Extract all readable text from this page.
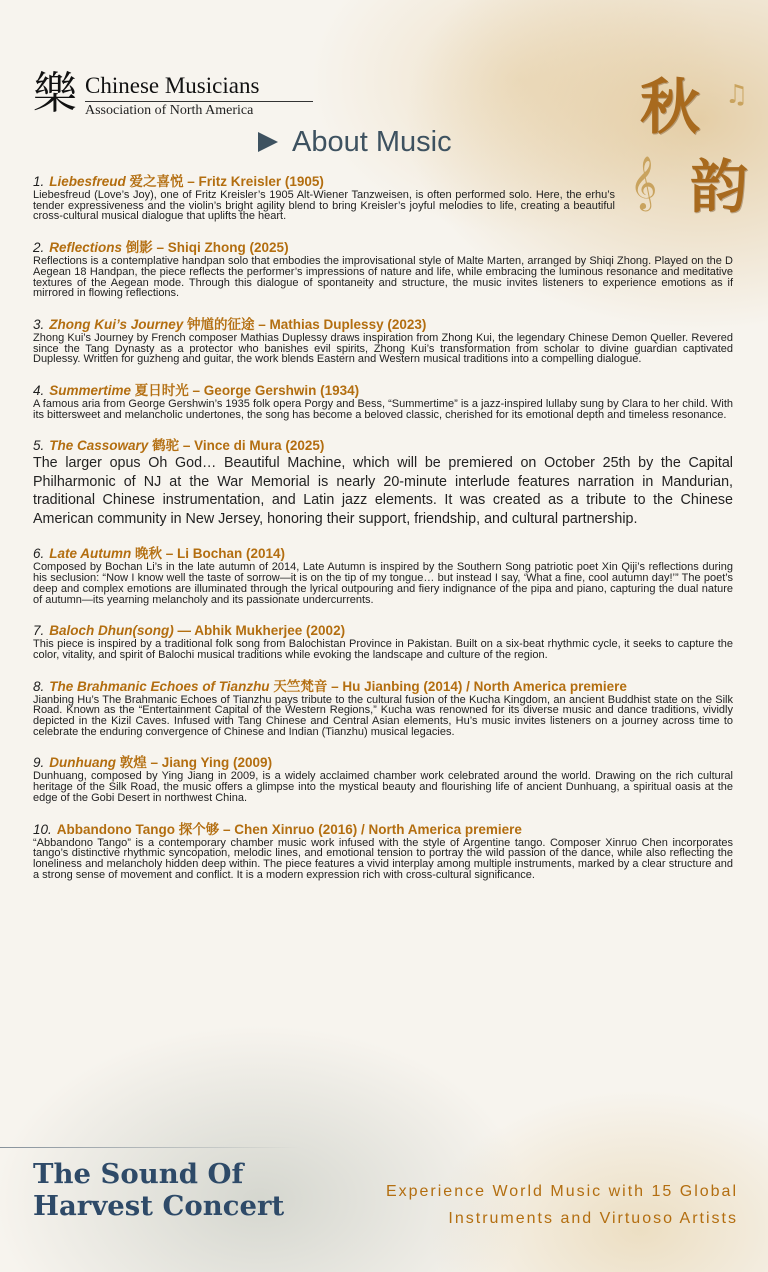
樂 Chinese Musicians
Association of North America
About Music
𝄞
♫
秋
韵
1. Liebesfreud 爱之喜悦 – Fritz Kreisler (1905)

Liebesfreud (Love’s Joy), one of Fritz Kreisler’s 1905 Alt-Wiener Tanzweisen, is often performed solo. Here, the erhu’s tender expressiveness and the violin’s bright agility blend to bring Kreisler’s joyful melodies to life, creating a beautiful cross-cultural musical dialogue that uplifts the heart.

2. Reflections 倒影 – Shiqi Zhong (2025)

Reflections is a contemplative handpan solo that embodies the improvisational style of Malte Marten, arranged by Shiqi Zhong. Played on the D Aegean 18 Handpan, the piece reflects the performer’s impressions of nature and life, while embracing the luminous resonance and meditative textures of the Aegean mode. Through this dialogue of spontaneity and structure, the music invites listeners to experience emotions as if mirrored in flowing reflections.

3. Zhong Kui’s Journey 钟馗的征途 – Mathias Duplessy (2023)

Zhong Kui’s Journey by French composer Mathias Duplessy draws inspiration from Zhong Kui, the legendary Chinese Demon Queller. Revered since the Tang Dynasty as a protector who banishes evil spirits, Zhong Kui’s transformation from scholar to divine guardian captivated Duplessy. Written for guzheng and guitar, the work blends Eastern and Western musical traditions into a compelling dialogue.

4. Summertime 夏日时光 – George Gershwin (1934)

A famous aria from George Gershwin’s 1935 folk opera Porgy and Bess, “Summertime” is a jazz-inspired lullaby sung by Clara to her child. With its bittersweet and melancholic undertones, the song has become a beloved classic, cherished for its emotional depth and timeless resonance.

5. The Cassowary 鹤驼 – Vince di Mura (2025)

The larger opus Oh God… Beautiful Machine, which will be premiered on October 25th by the Capital Philharmonic of NJ at the War Memorial is nearly 20-minute interlude features narration in Mandurian, traditional Chinese instrumentation, and Latin jazz elements. It was created as a tribute to the Chinese American community in New Jersey, honoring their support, friendship, and cultural partnership.

6. Late Autumn 晚秋 – Li Bochan (2014)

Composed by Bochan Li’s in the late autumn of 2014, Late Autumn is inspired by the Southern Song patriotic poet Xin Qiji’s reflections during his seclusion: “Now I know well the taste of sorrow—it is on the tip of my tongue… but instead I say, ‘What a fine, cool autumn day!’” The poet’s deep and complex emotions are illuminated through the lyrical outpouring and fiery indignance of the pipa and piano, capturing the dual nature of autumn—its yearning melancholy and its passionate undercurrents.

7. Baloch Dhun(song) — Abhik Mukherjee (2002)

This piece is inspired by a traditional folk song from Balochistan Province in Pakistan. Built on a six-beat rhythmic cycle, it seeks to capture the color, vitality, and spirit of Balochi musical traditions while evoking the landscape and culture of the region.

8. The Brahmanic Echoes of Tianzhu 天竺梵音 – Hu Jianbing (2014) / North America premiere

Jianbing Hu’s The Brahmanic Echoes of Tianzhu pays tribute to the cultural fusion of the Kucha Kingdom, an ancient Buddhist state on the Silk Road. Known as the “Entertainment Capital of the Western Regions,” Kucha was renowned for its diverse music and dance traditions, vividly depicted in the Kizil Caves. Infused with Tang Chinese and Central Asian elements, Hu’s music invites listeners on a journey across time to celebrate the enduring convergence of Chinese and Indian (Tianzhu) musical legacies.

9. Dunhuang 敦煌 – Jiang Ying (2009)

Dunhuang, composed by Ying Jiang in 2009, is a widely acclaimed chamber work celebrated around the world. Drawing on the rich cultural heritage of the Silk Road, the music offers a glimpse into the mystical beauty and flourishing life of ancient Dunhuang, a spiritual oasis at the edge of the Gobi Desert in northwest China.

10. Abbandono Tango 探个够 – Chen Xinruo (2016) / North America premiere

“Abbandono Tango” is a contemporary chamber music work infused with the style of Argentine tango. Composer Xinruo Chen incorporates tango’s distinctive rhythmic syncopation, melodic lines, and emotional tension to portray the wild passion of the dance, while also reflecting the loneliness and melancholy hidden deep within. The piece features a vivid interplay among multiple instruments, marked by a clear structure and a strong sense of movement and conflict. It is a modern expression rich with cross-cultural significance.

The Sound Of
Harvest Concert	Experience World Music with 15 Global
Instruments and Virtuoso Artists
